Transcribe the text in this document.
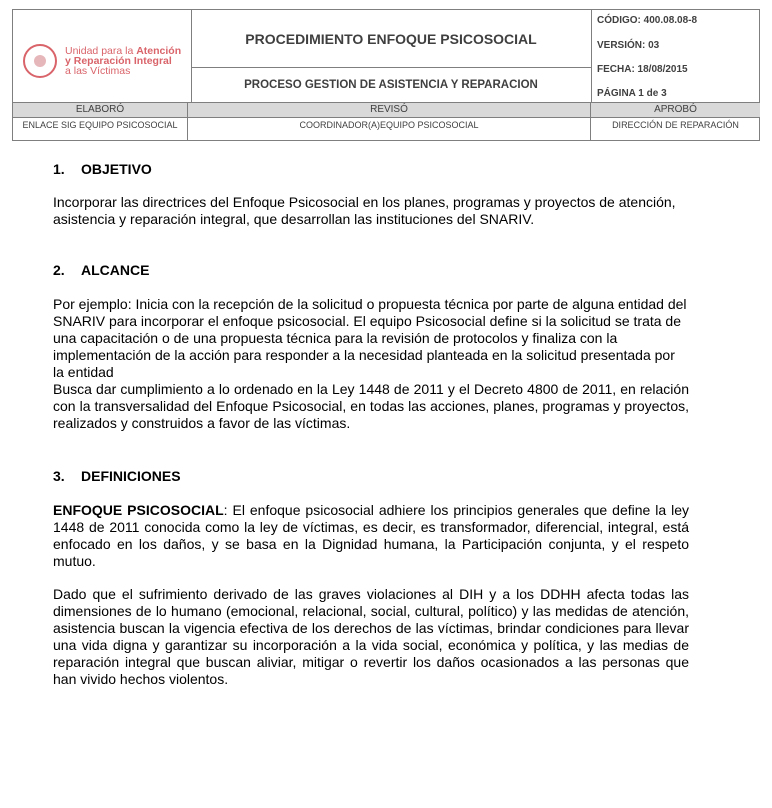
Unidad para la Atención
y Reparación Integral
a las Víctimas
PROCEDIMIENTO ENFOQUE PSICOSOCIAL
PROCESO GESTION DE ASISTENCIA Y REPARACION
CÓDIGO: 400.08.08-8
VERSIÓN: 03
FECHA: 18/08/2015
PÁGINA 1 de 3
ELABORÓ
ENLACE SIG EQUIPO PSICOSOCIAL
REVISÓ
COORDINADOR(A)EQUIPO PSICOSOCIAL
APROBÓ
DIRECCIÓN DE REPARACIÓN
1. OBJETIVO

Incorporar las directrices del Enfoque Psicosocial en los planes, programas y proyectos de atención, asistencia y reparación integral, que desarrollan las instituciones del SNARIV.

2. ALCANCE

Por ejemplo: Inicia con la recepción de la solicitud o propuesta técnica por parte de alguna entidad del SNARIV para incorporar el enfoque psicosocial. El equipo Psicosocial define si la solicitud se trata de una capacitación o de una propuesta técnica para la revisión de protocolos y finaliza con la implementación de la acción para responder a la necesidad planteada en la solicitud presentada por la entidad

Busca dar cumplimiento a lo ordenado en la Ley 1448 de 2011 y el Decreto 4800 de 2011, en relación con la transversalidad del Enfoque Psicosocial, en todas las acciones, planes, programas y proyectos, realizados y construidos a favor de las víctimas.

3. DEFINICIONES

ENFOQUE PSICOSOCIAL: El enfoque psicosocial adhiere los principios generales que define la ley 1448 de 2011 conocida como la ley de víctimas, es decir, es transformador, diferencial, integral, está enfocado en los daños, y se basa en la Dignidad humana, la Participación conjunta, y el respeto mutuo.

Dado que el sufrimiento derivado de las graves violaciones al DIH y a los DDHH afecta todas las dimensiones de lo humano (emocional, relacional, social, cultural, político) y las medidas de atención, asistencia buscan la vigencia efectiva de los derechos de las víctimas, brindar condiciones para llevar una vida digna y garantizar su incorporación a la vida social, económica y política, y las medias de reparación integral que buscan aliviar, mitigar o revertir los daños ocasionados a las personas que han vivido hechos violentos.
